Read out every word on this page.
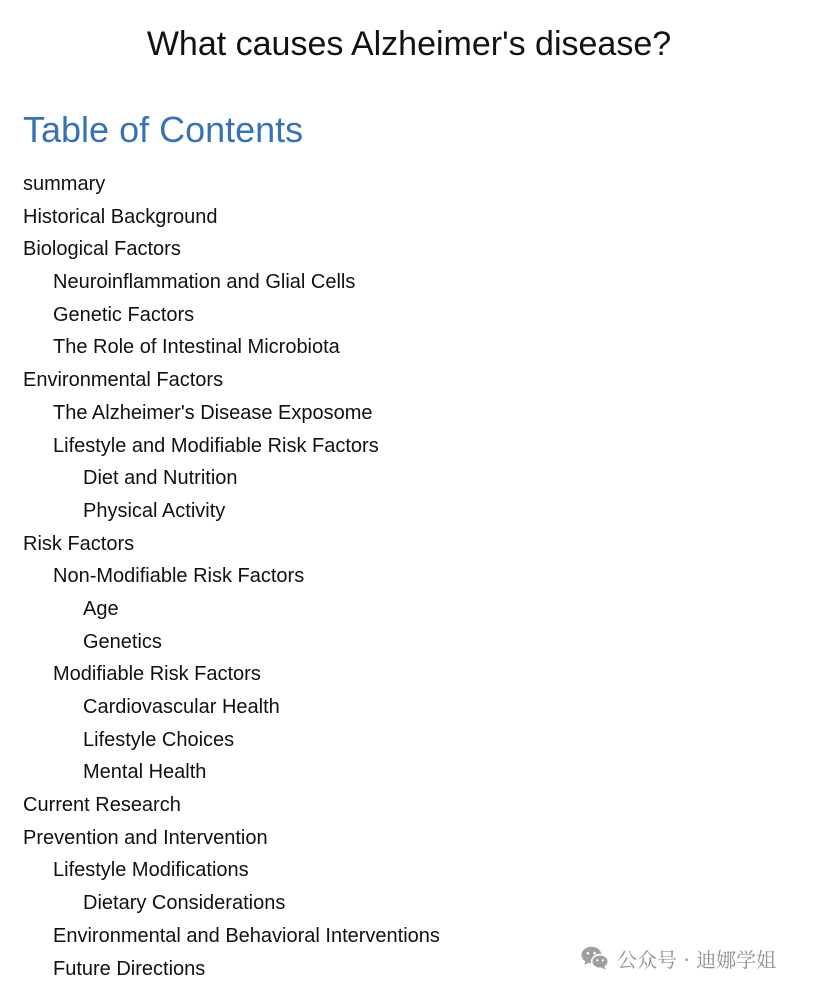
What causes Alzheimer's disease?
Table of Contents
summary
Historical Background
Biological Factors
Neuroinflammation and Glial Cells
Genetic Factors
The Role of Intestinal Microbiota
Environmental Factors
The Alzheimer's Disease Exposome
Lifestyle and Modifiable Risk Factors
Diet and Nutrition
Physical Activity
Risk Factors
Non-Modifiable Risk Factors
Age
Genetics
Modifiable Risk Factors
Cardiovascular Health
Lifestyle Choices
Mental Health
Current Research
Prevention and Intervention
Lifestyle Modifications
Dietary Considerations
Environmental and Behavioral Interventions
Future Directions	公众号 · 迪娜学姐
